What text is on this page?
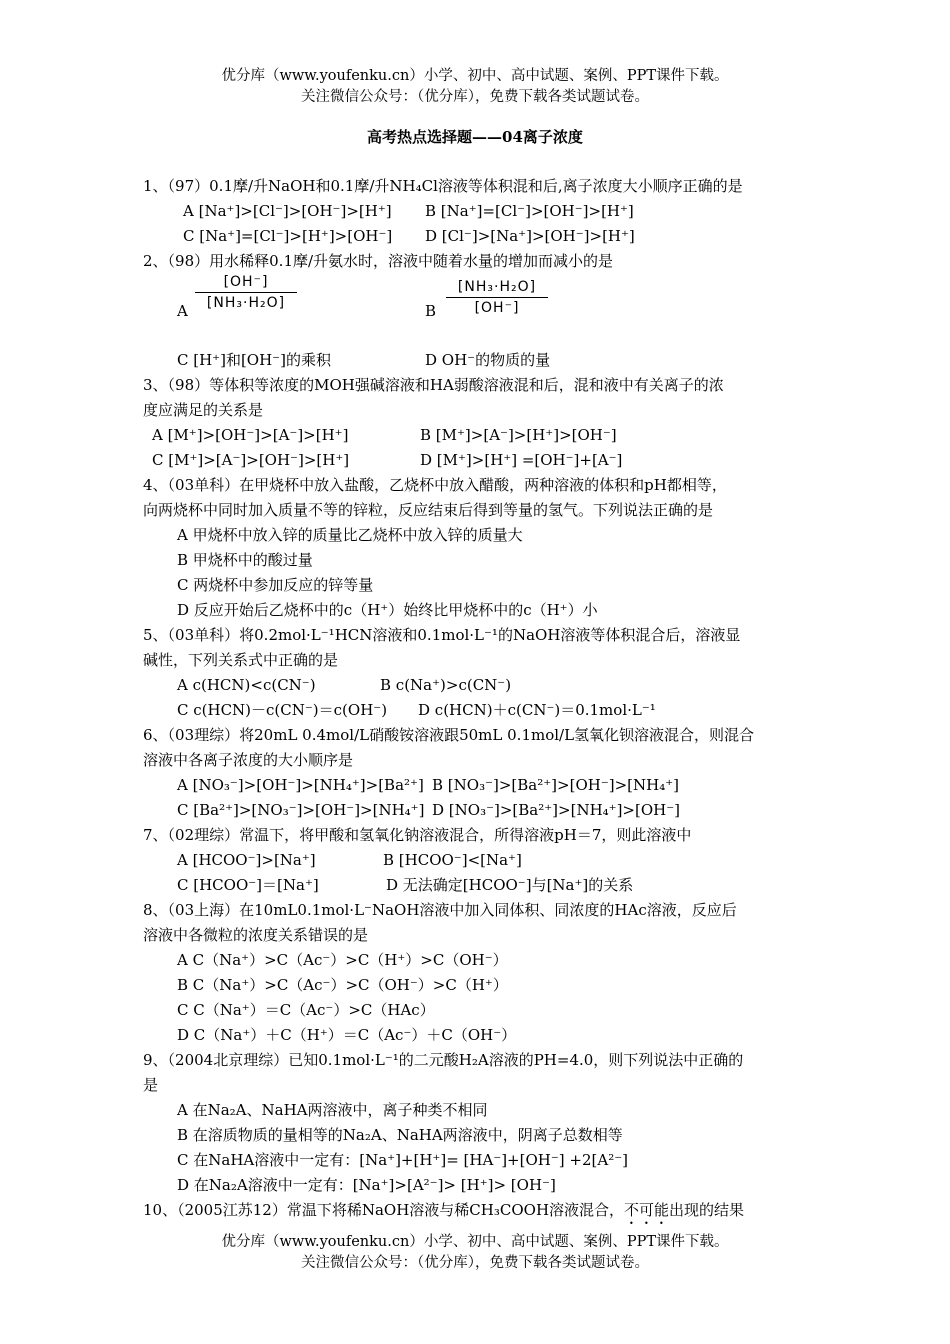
优分库（www.youfenku.cn）小学、初中、高中试题、案例、PPT课件下载。
关注微信公众号：（优分库），免费下载各类试题试卷。
高考热点选择题——04离子浓度
1、（97）0.1摩/升NaOH和0.1摩/升NH₄Cl溶液等体积混和后,离子浓度大小顺序正确的是
A [Na⁺]>[Cl⁻]>[OH⁻]>[H⁺] B [Na⁺]=[Cl⁻]>[OH⁻]>[H⁺]
C [Na⁺]=[Cl⁻]>[H⁺]>[OH⁻] D [Cl⁻]>[Na⁺]>[OH⁻]>[H⁺]
2、（98）用水稀释0.1摩/升氨水时，溶液中随着水量的增加而减小的是
A
[OH⁻]
[NH₃·H₂O]	B
[NH₃·H₂O]
[OH⁻]
C [H⁺]和[OH⁻]的乘积	D OH⁻的物质的量
3、（98）等体积等浓度的MOH强碱溶液和HA弱酸溶液混和后，混和液中有关离子的浓
度应满足的关系是
A [M⁺]>[OH⁻]>[A⁻]>[H⁺]	B [M⁺]>[A⁻]>[H⁺]>[OH⁻]
C [M⁺]>[A⁻]>[OH⁻]>[H⁺]	D [M⁺]>[H⁺] =[OH⁻]+[A⁻]
4、（03单科）在甲烧杯中放入盐酸，乙烧杯中放入醋酸，两种溶液的体积和pH都相等，
向两烧杯中同时加入质量不等的锌粒，反应结束后得到等量的氢气。下列说法正确的是
A 甲烧杯中放入锌的质量比乙烧杯中放入锌的质量大
B 甲烧杯中的酸过量
C 两烧杯中参加反应的锌等量
D 反应开始后乙烧杯中的c（H⁺）始终比甲烧杯中的c（H⁺）小
5、（03单科）将0.2mol·L⁻¹HCN溶液和0.1mol·L⁻¹的NaOH溶液等体积混合后，溶液显
碱性，下列关系式中正确的是
A c(HCN)<c(CN⁻)	B c(Na⁺)>c(CN⁻)
C c(HCN)－c(CN⁻)＝c(OH⁻) D c(HCN)＋c(CN⁻)＝0.1mol·L⁻¹
6、（03理综）将20mL 0.4mol/L硝酸铵溶液跟50mL 0.1mol/L氢氧化钡溶液混合，则混合
溶液中各离子浓度的大小顺序是
A [NO₃⁻]>[OH⁻]>[NH₄⁺]>[Ba²⁺] B [NO₃⁻]>[Ba²⁺]>[OH⁻]>[NH₄⁺]
C [Ba²⁺]>[NO₃⁻]>[OH⁻]>[NH₄⁺] D [NO₃⁻]>[Ba²⁺]>[NH₄⁺]>[OH⁻]
7、（02理综）常温下，将甲酸和氢氧化钠溶液混合，所得溶液pH＝7，则此溶液中
A [HCOO⁻]>[Na⁺]	B [HCOO⁻]<[Na⁺]
C [HCOO⁻]＝[Na⁺]	D 无法确定[HCOO⁻]与[Na⁺]的关系
8、（03上海）在10mL0.1mol·L⁻NaOH溶液中加入同体积、同浓度的HAc溶液，反应后
溶液中各微粒的浓度关系错误的是
A C（Na⁺）>C（Ac⁻）>C（H⁺）>C（OH⁻）
B C（Na⁺）>C（Ac⁻）>C（OH⁻）>C（H⁺）
C C（Na⁺）＝C（Ac⁻）>C（HAc）
D C（Na⁺）＋C（H⁺）＝C（Ac⁻）＋C（OH⁻）
9、（2004北京理综）已知0.1mol·L⁻¹的二元酸H₂A溶液的PH=4.0，则下列说法中正确的
是
A 在Na₂A、NaHA两溶液中，离子种类不相同
B 在溶质物质的量相等的Na₂A、NaHA两溶液中，阴离子总数相等
C 在NaHA溶液中一定有：[Na⁺]+[H⁺]= [HA⁻]+[OH⁻] +2[A²⁻]
D 在Na₂A溶液中一定有：[Na⁺]>[A²⁻]> [H⁺]> [OH⁻]
10、（2005江苏12）常温下将稀NaOH溶液与稀CH₃COOH溶液混合，不可能出现的结果
优分库（www.youfenku.cn）小学、初中、高中试题、案例、PPT课件下载。
关注微信公众号：（优分库），免费下载各类试题试卷。
